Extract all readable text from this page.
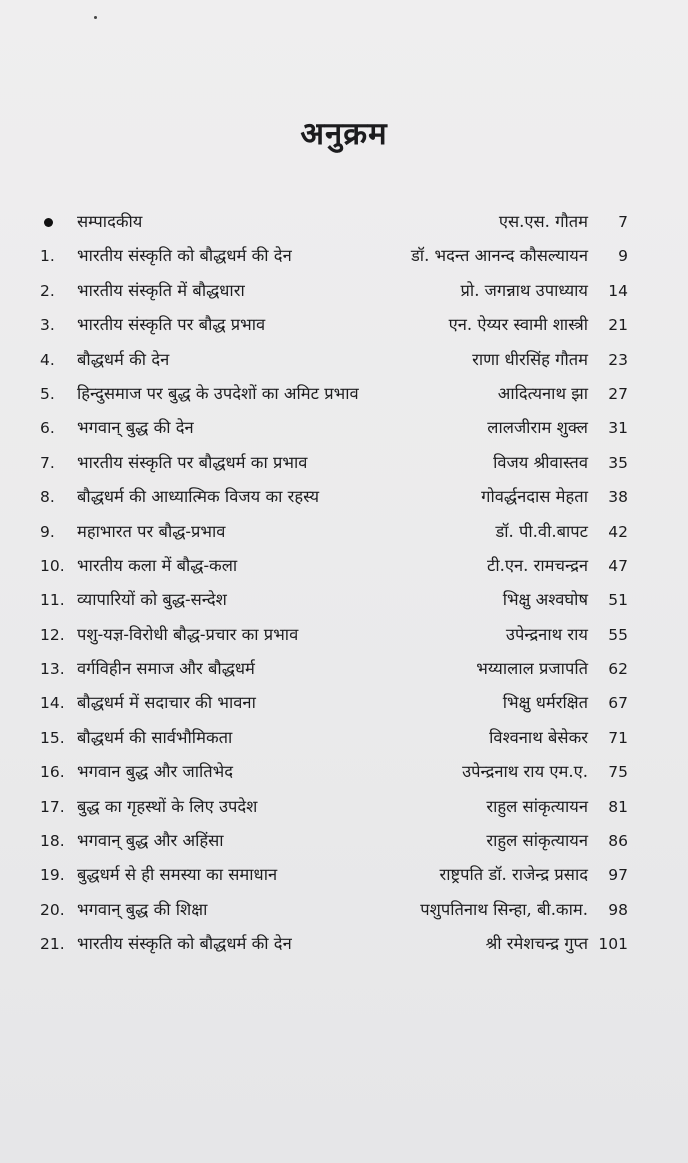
अनुक्रम
सम्पादकीय	एस.एस. गौतम 7
1. भारतीय संस्कृति को बौद्धधर्म की देन	डॉ. भदन्त आनन्द कौसल्यायन 9
2. भारतीय संस्कृति में बौद्धधारा	प्रो. जगन्नाथ उपाध्याय 14
3. भारतीय संस्कृति पर बौद्ध प्रभाव	एन. ऐय्यर स्वामी शास्त्री 21
4. बौद्धधर्म की देन	राणा धीरसिंह गौतम 23
5. हिन्दुसमाज पर बुद्ध के उपदेशों का अमिट प्रभाव	आदित्यनाथ झा 27
6. भगवान् बुद्ध की देन	लालजीराम शुक्ल 31
7. भारतीय संस्कृति पर बौद्धधर्म का प्रभाव	विजय श्रीवास्तव 35
8. बौद्धधर्म की आध्यात्मिक विजय का रहस्य	गोवर्द्धनदास मेहता 38
9. महाभारत पर बौद्ध-प्रभाव	डॉ. पी.वी.बापट 42
10. भारतीय कला में बौद्ध-कला	टी.एन. रामचन्द्रन 47
11. व्यापारियों को बुद्ध-सन्देश	भिक्षु अश्वघोष 51
12. पशु-यज्ञ-विरोधी बौद्ध-प्रचार का प्रभाव	उपेन्द्रनाथ राय 55
13. वर्गविहीन समाज और बौद्धधर्म	भय्यालाल प्रजापति 62
14. बौद्धधर्म में सदाचार की भावना	भिक्षु धर्मरक्षित 67
15. बौद्धधर्म की सार्वभौमिकता	विश्वनाथ बेसेकर 71
16. भगवान बुद्ध और जातिभेद	उपेन्द्रनाथ राय एम.ए. 75
17. बुद्ध का गृहस्थों के लिए उपदेश	राहुल सांकृत्यायन 81
18. भगवान् बुद्ध और अहिंसा	राहुल सांकृत्यायन 86
19. बुद्धधर्म से ही समस्या का समाधान	राष्ट्रपति डॉ. राजेन्द्र प्रसाद 97
20. भगवान् बुद्ध की शिक्षा	पशुपतिनाथ सिन्हा, बी.काम. 98
21. भारतीय संस्कृति को बौद्धधर्म की देन	श्री रमेशचन्द्र गुप्त 101
